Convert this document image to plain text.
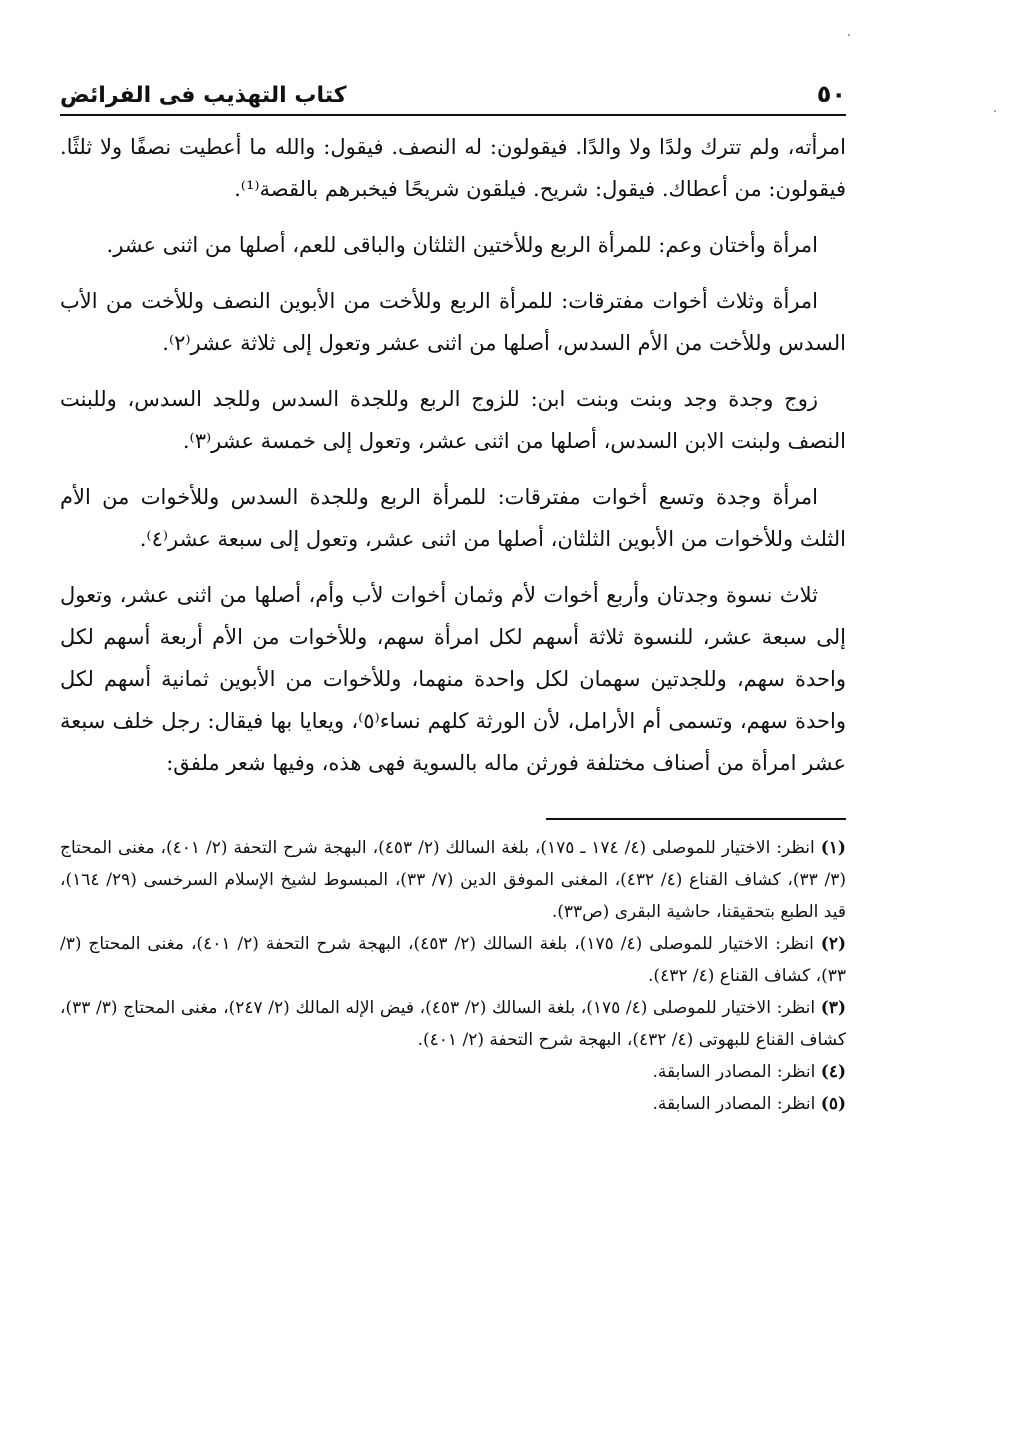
٥٠
كتاب التهذيب فى الفرائض

امرأته، ولم تترك ولدًا ولا والدًا. فيقولون: له النصف. فيقول: والله ما أعطيت نصفًا ولا ثلثًا. فيقولون: من أعطاك. فيقول: شريح. فيلقون شريحًا فيخبرهم بالقصة⁽¹⁾.

امرأة وأختان وعم: للمرأة الربع وللأختين الثلثان والباقى للعم، أصلها من اثنى عشر.

امرأة وثلاث أخوات مفترقات: للمرأة الربع وللأخت من الأبوين النصف وللأخت من الأب السدس وللأخت من الأم السدس، أصلها من اثنى عشر وتعول إلى ثلاثة عشر⁽٢⁾.

زوج وجدة وجد وبنت وبنت ابن: للزوج الربع وللجدة السدس وللجد السدس، وللبنت النصف ولبنت الابن السدس، أصلها من اثنى عشر، وتعول إلى خمسة عشر⁽٣⁾.

امرأة وجدة وتسع أخوات مفترقات: للمرأة الربع وللجدة السدس وللأخوات من الأم الثلث وللأخوات من الأبوين الثلثان، أصلها من اثنى عشر، وتعول إلى سبعة عشر⁽٤⁾.

ثلاث نسوة وجدتان وأربع أخوات لأم وثمان أخوات لأب وأم، أصلها من اثنى عشر، وتعول إلى سبعة عشر، للنسوة ثلاثة أسهم لكل امرأة سهم، وللأخوات من الأم أربعة أسهم لكل واحدة سهم، وللجدتين سهمان لكل واحدة منهما، وللأخوات من الأبوين ثمانية أسهم لكل واحدة سهم، وتسمى أم الأرامل، لأن الورثة كلهم نساء⁽٥⁾، ويعايا بها فيقال: رجل خلف سبعة عشر امرأة من أصناف مختلفة فورثن ماله بالسوية فهى هذه، وفيها شعر ملفق:

(١) انظر: الاختيار للموصلى (٤/ ١٧٤ ـ ١٧٥)، بلغة السالك (٢/ ٤٥٣)، البهجة شرح التحفة (٢/ ٤٠١)، مغنى المحتاج (٣/ ٣٣)، كشاف القناع (٤/ ٤٣٢)، المغنى الموفق الدين (٧/ ٣٣)، المبسوط لشيخ الإسلام السرخسى (٢٩/ ١٦٤)، قيد الطبع بتحقيقنا، حاشية البقرى (ص٣٣).

(٢) انظر: الاختيار للموصلى (٤/ ١٧٥)، بلغة السالك (٢/ ٤٥٣)، البهجة شرح التحفة (٢/ ٤٠١)، مغنى المحتاج (٣/ ٣٣)، كشاف القناع (٤/ ٤٣٢).

(٣) انظر: الاختيار للموصلى (٤/ ١٧٥)، بلغة السالك (٢/ ٤٥٣)، فيض الإله المالك (٢/ ٢٤٧)، مغنى المحتاج (٣/ ٣٣)، كشاف القناع للبهوتى (٤/ ٤٣٢)، البهجة شرح التحفة (٢/ ٤٠١).

(٤) انظر: المصادر السابقة.

(٥) انظر: المصادر السابقة.
